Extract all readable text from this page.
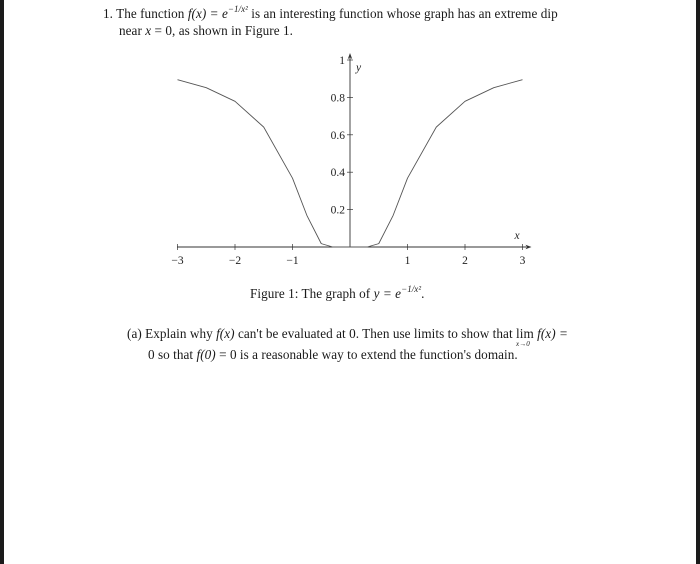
1. The function $f(x) = e^{-1/x^2}$ is an interesting function whose graph has an extreme dip
near x = 0, as shown in Figure 1.
−3	−2	−1	1	2	3
0.2
0.4
0.6
0.8
1
x
y
Figure 1: The graph of $y = e^{-1/x^2}$.
(a) Explain why f(x) can't be evaluated at 0. Then use limits to show that lim
x→0
f(x) =
0 so that f(0) = 0 is a reasonable way to extend the function's domain.
